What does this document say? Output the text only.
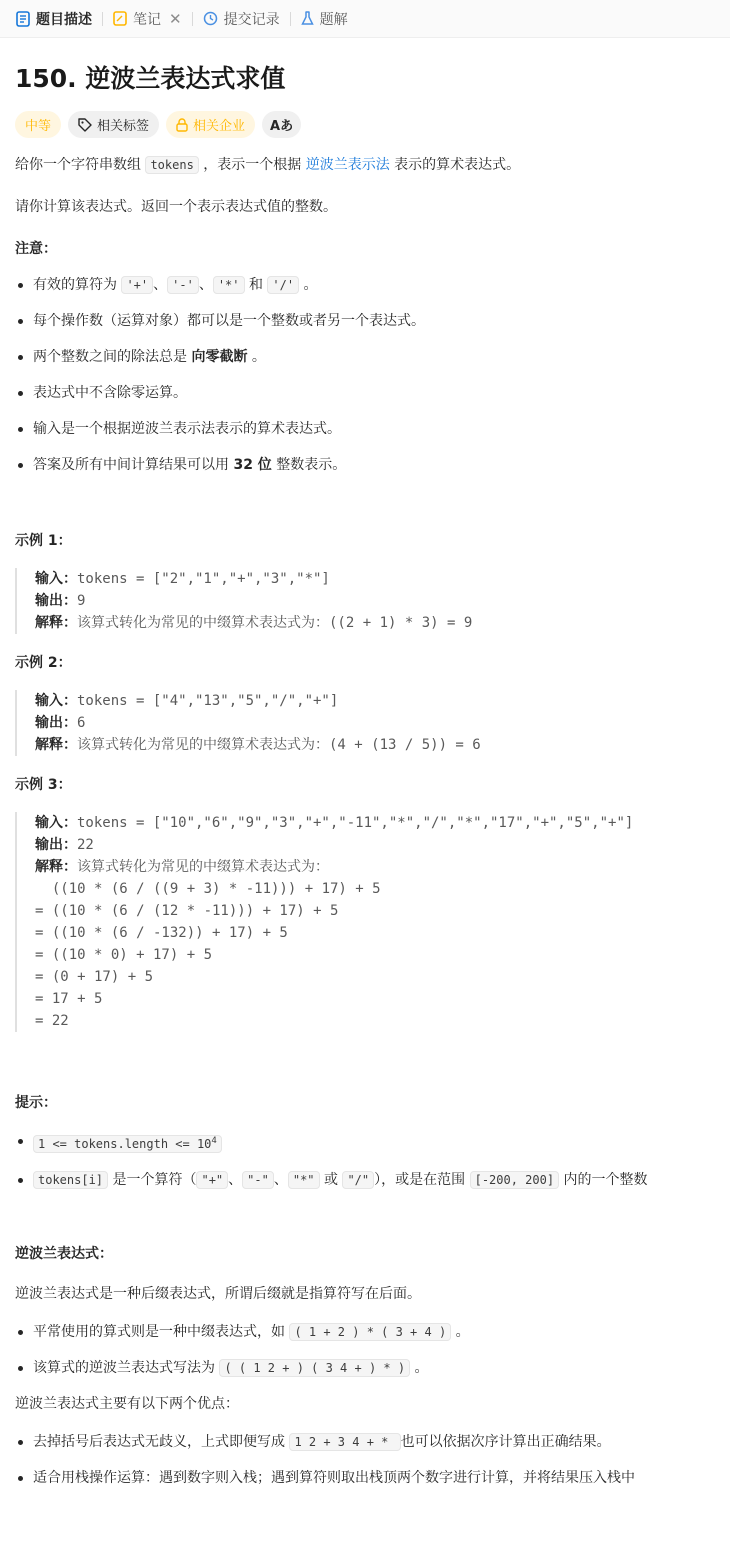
题目描述	笔记 ✕	提交记录	题解
150. 逆波兰表达式求值
中等	相关标签	相关企业 Aあ

给你一个字符串数组 tokens ，表示一个根据 逆波兰表示法 表示的算术表达式。

请你计算该表达式。返回一个表示表达式值的整数。

注意：
有效的算符为 '+' 、 '-' 、 '*' 和 '/' 。
每个操作数（运算对象）都可以是一个整数或者另一个表达式。
两个整数之间的除法总是 向零截断 。
表达式中不含除零运算。
输入是一个根据逆波兰表示法表示的算术表达式。
答案及所有中间计算结果可以用 32 位 整数表示。
示例 1：
输入：tokens = ["2","1","+","3","*"]
输出：9
解释：该算式转化为常见的中缀算术表达式为：((2 + 1) * 3) = 9
示例 2：
输入：tokens = ["4","13","5","/","+"]
输出：6
解释：该算式转化为常见的中缀算术表达式为：(4 + (13 / 5)) = 6
示例 3：
输入：tokens = ["10","6","9","3","+","-11","*","/","*","17","+","5","+"]
输出：22
解释：该算式转化为常见的中缀算术表达式为：
((10 * (6 / ((9 + 3) * -11))) + 17) + 5
= ((10 * (6 / (12 * -11))) + 17) + 5
= ((10 * (6 / -132)) + 17) + 5
= ((10 * 0) + 17) + 5
= (0 + 17) + 5
= 17 + 5
= 22
提示：
1 <= tokens.length <= $10^4$
tokens[i] 是一个算符（ "+" 、 "-" 、 "*" 或 "/" ），或是在范围 [-200, 200] 内的一个整数
逆波兰表达式：

逆波兰表达式是一种后缀表达式，所谓后缀就是指算符写在后面。

平常使用的算式则是一种中缀表达式，如 ( 1 + 2 ) * ( 3 + 4 ) 。
该算式的逆波兰表达式写法为 ( ( 1 2 + ) ( 3 4 + ) * ) 。

逆波兰表达式主要有以下两个优点：

去掉括号后表达式无歧义，上式即便写成 1 2 + 3 4 + * 也可以依据次序计算出正确结果。
适合用栈操作运算：遇到数字则入栈；遇到算符则取出栈顶两个数字进行计算，并将结果压入栈中
